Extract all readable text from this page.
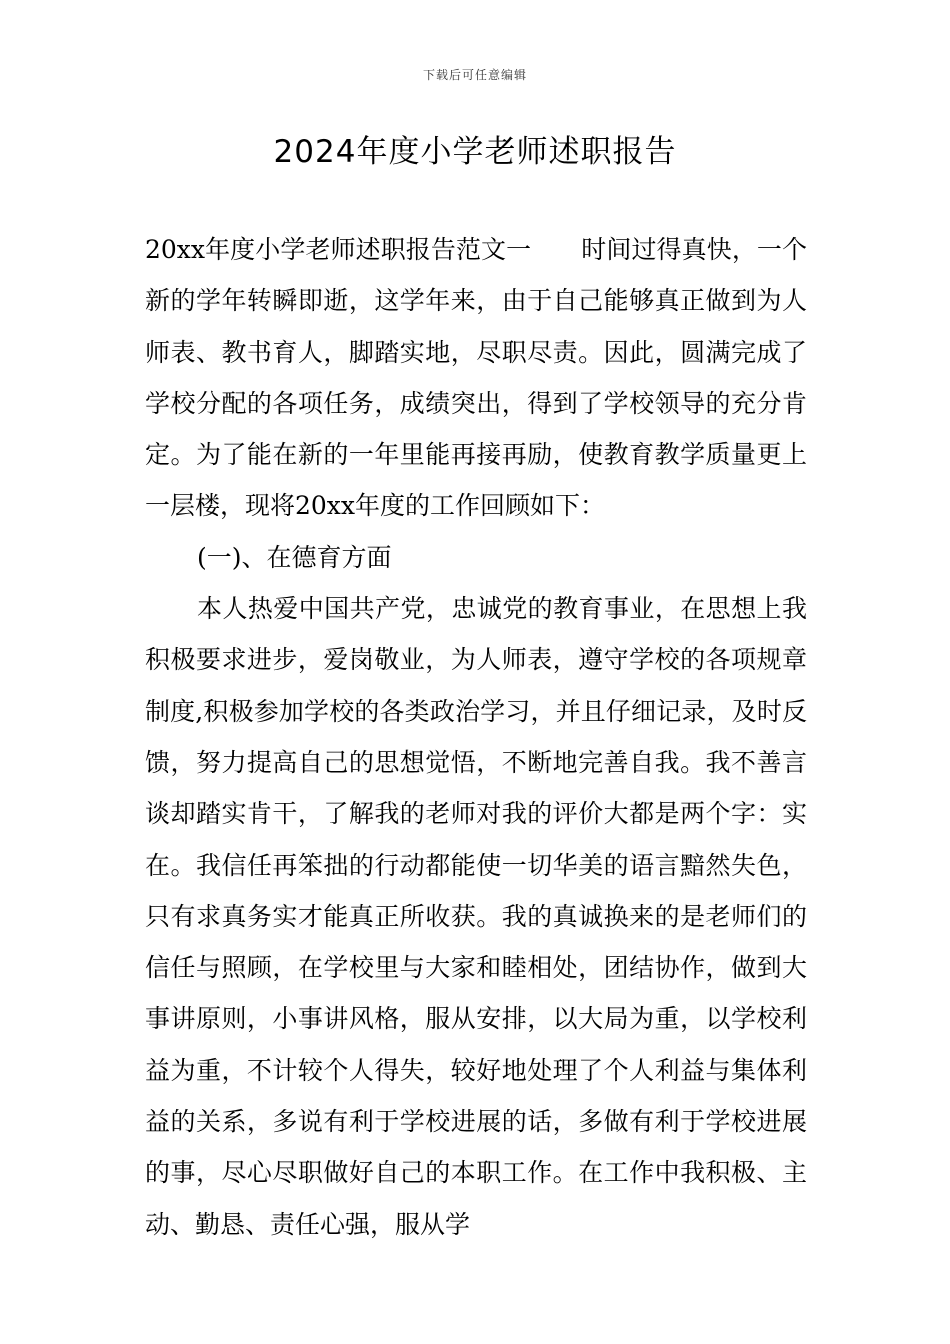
下载后可任意编辑
2024年度小学老师述职报告

20xx年度小学老师述职报告范文一 时间过得真快，一个新的学年转瞬即逝，这学年来，由于自己能够真正做到为人师表、教书育人，脚踏实地，尽职尽责。因此，圆满完成了学校分配的各项任务，成绩突出，得到了学校领导的充分肯定。为了能在新的一年里能再接再励，使教育教学质量更上一层楼，现将20xx年度的工作回顾如下：

(一)、在德育方面

本人热爱中国共产党，忠诚党的教育事业，在思想上我积极要求进步，爱岗敬业，为人师表，遵守学校的各项规章制度,积极参加学校的各类政治学习，并且仔细记录，及时反馈，努力提高自己的思想觉悟，不断地完善自我。我不善言谈却踏实肯干，了解我的老师对我的评价大都是两个字：实在。我信任再笨拙的行动都能使一切华美的语言黯然失色，只有求真务实才能真正所收获。我的真诚换来的是老师们的信任与照顾，在学校里与大家和睦相处，团结协作，做到大事讲原则，小事讲风格，服从安排，以大局为重，以学校利益为重，不计较个人得失，较好地处理了个人利益与集体利益的关系，多说有利于学校进展的话，多做有利于学校进展的事，尽心尽职做好自己的本职工作。在工作中我积极、主动、勤恳、责任心强，服从学
